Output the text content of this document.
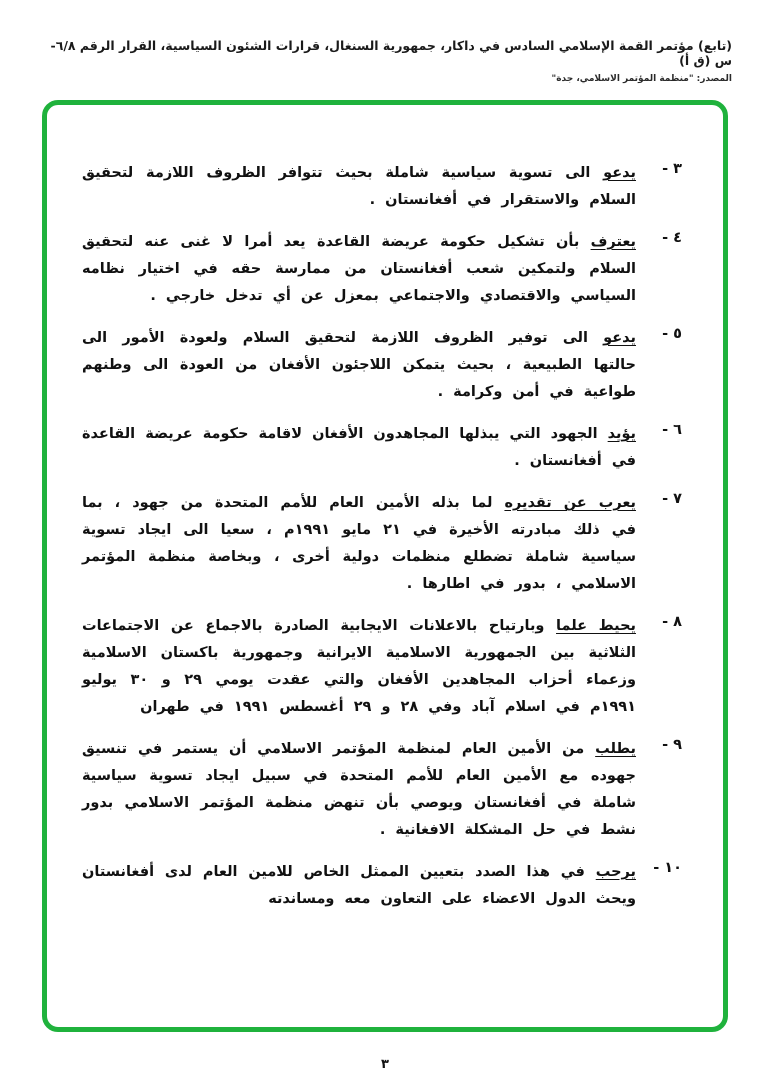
(تابع) مؤتمر القمة الإسلامي السادس في داكار، جمهورية السنغال، قرارات الشئون السياسية، القرار الرقم ٦/٨-س (ق أ)
المصدر: "منظمة المؤتمر الاسلامي، جدة"
٣ -
يدعو الى تسوية سياسية شاملة بحيث تتوافر الظروف اللازمة لتحقيق السلام والاستقرار في أفغانستان .
٤ -
يعترف بأن تشكيل حكومة عريضة القاعدة يعد أمرا لا غنى عنه لتحقيق السلام ولتمكين شعب أفغانستان من ممارسة حقه في اختيار نظامه السياسي والاقتصادي والاجتماعي بمعزل عن أي تدخل خارجي .
٥ -
يدعو الى توفير الظروف اللازمة لتحقيق السلام ولعودة الأمور الى حالتها الطبيعية ، بحيث يتمكن اللاجئون الأفغان من العودة الى وطنهم طواعية في أمن وكرامة .
٦ -
يؤيد الجهود التي يبذلها المجاهدون الأفغان لاقامة حكومة عريضة القاعدة في أفغانستان .
٧ -
يعرب عن تقديره لما بذله الأمين العام للأمم المتحدة من جهود ، بما في ذلك مبادرته الأخيرة في ٢١ مايو ١٩٩١م ، سعيا الى ايجاد تسوية سياسية شاملة تضطلع منظمات دولية أخرى ، وبخاصة منظمة المؤتمر الاسلامي ، بدور في اطارها .
٨ -
يحيط علما وبارتياح بالاعلانات الايجابية الصادرة بالاجماع عن الاجتماعات الثلاثية بين الجمهورية الاسلامية الايرانية وجمهورية باكستان الاسلامية وزعماء أحزاب المجاهدين الأفغان والتي عقدت يومي ٢٩ و ٣٠ يوليو ١٩٩١م في اسلام آباد وفي ٢٨ و ٢٩ أغسطس ١٩٩١ في طهران
٩ -
يطلب من الأمين العام لمنظمة المؤتمر الاسلامي أن يستمر في تنسيق جهوده مع الأمين العام للأمم المتحدة في سبيل ايجاد تسوية سياسية شاملة في أفغانستان ويوصي بأن تنهض منظمة المؤتمر الاسلامي بدور نشط في حل المشكلة الافغانية .
١٠ -
يرحب في هذا الصدد بتعيين الممثل الخاص للامين العام لدى أفغانستان ويحث الدول الاعضاء على التعاون معه ومساندته
٣
